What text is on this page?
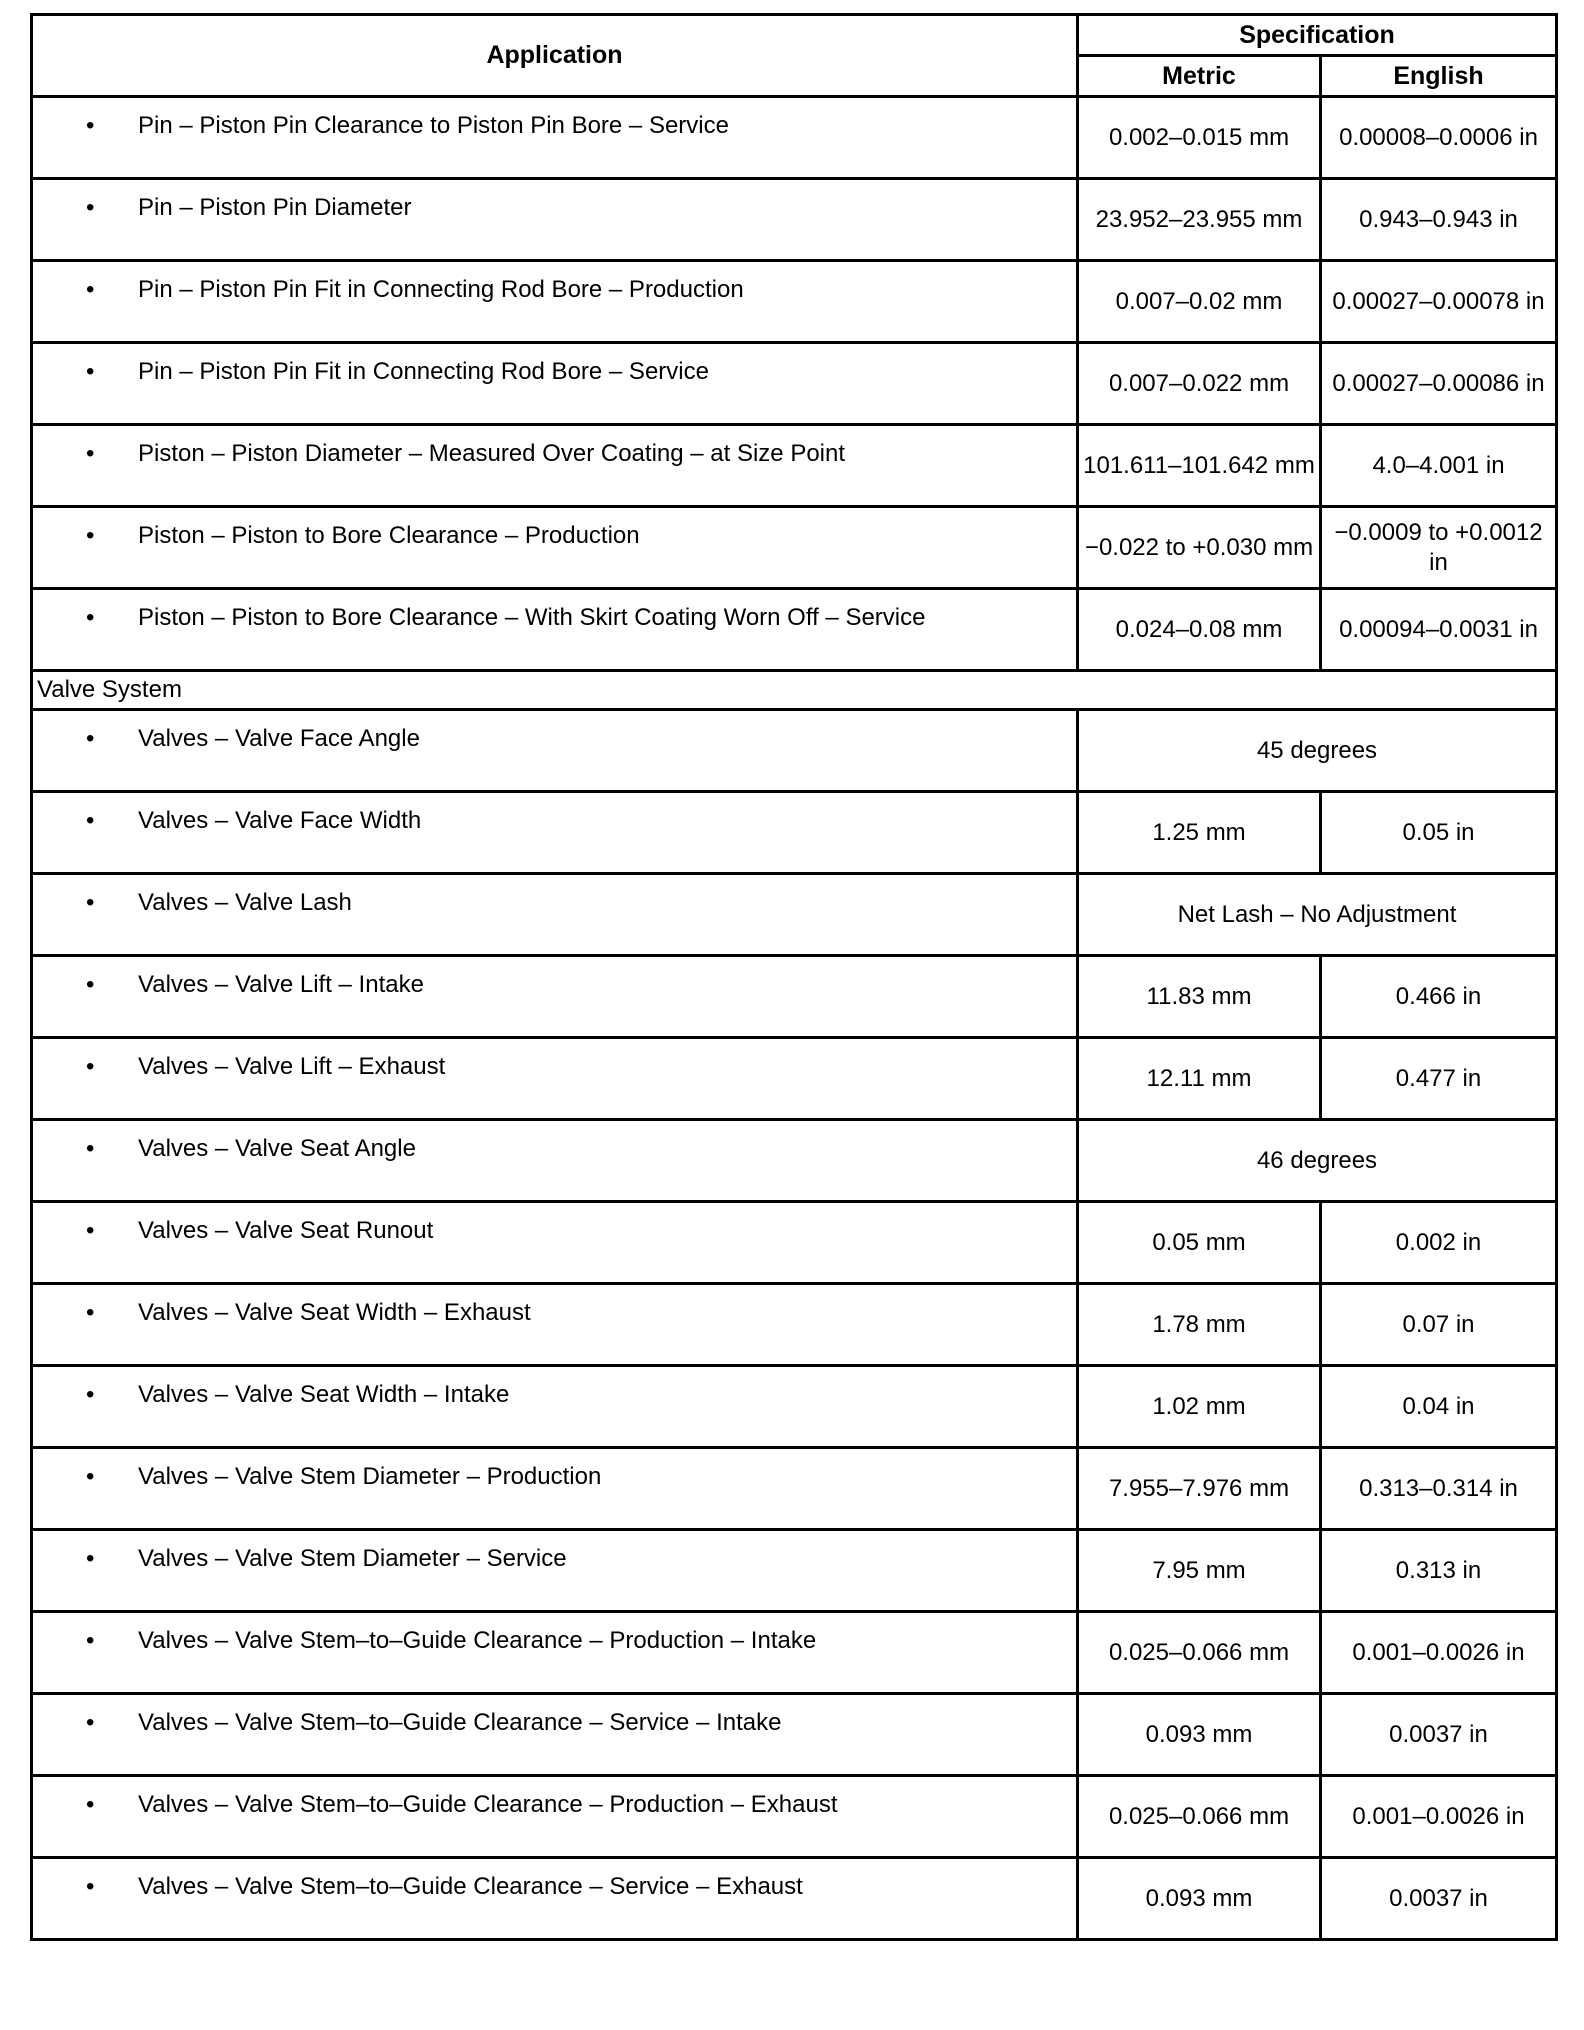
Application	Specification	
	Metric	English

• Pin – Piston Pin Clearance to Piston Pin Bore – Service	0.002–0.015 mm	0.00008–0.0006 in

• Pin – Piston Pin Diameter	23.952–23.955 mm	0.943–0.943 in

• Pin – Piston Pin Fit in Connecting Rod Bore – Production	0.007–0.02 mm	0.00027–0.00078 in

• Pin – Piston Pin Fit in Connecting Rod Bore – Service	0.007–0.022 mm	0.00027–0.00086 in

• Piston – Piston Diameter – Measured Over Coating – at Size Point	101.611–101.642 mm	4.0–4.001 in

• Piston – Piston to Bore Clearance – Production	−0.022 to +0.030 mm	−0.0009 to +0.0012 in

• Piston – Piston to Bore Clearance – With Skirt Coating Worn Off – Service	0.024–0.08 mm	0.00094–0.0031 in
Valve System		

• Valves – Valve Face Angle	45 degrees	

• Valves – Valve Face Width	1.25 mm	0.05 in

• Valves – Valve Lash	Net Lash – No Adjustment	

• Valves – Valve Lift – Intake	11.83 mm	0.466 in

• Valves – Valve Lift – Exhaust	12.11 mm	0.477 in

• Valves – Valve Seat Angle	46 degrees	

• Valves – Valve Seat Runout	0.05 mm	0.002 in

• Valves – Valve Seat Width – Exhaust	1.78 mm	0.07 in

• Valves – Valve Seat Width – Intake	1.02 mm	0.04 in

• Valves – Valve Stem Diameter – Production	7.955–7.976 mm	0.313–0.314 in

• Valves – Valve Stem Diameter – Service	7.95 mm	0.313 in

• Valves – Valve Stem–to–Guide Clearance – Production – Intake	0.025–0.066 mm	0.001–0.0026 in

• Valves – Valve Stem–to–Guide Clearance – Service – Intake	0.093 mm	0.0037 in

• Valves – Valve Stem–to–Guide Clearance – Production – Exhaust	0.025–0.066 mm	0.001–0.0026 in

• Valves – Valve Stem–to–Guide Clearance – Service – Exhaust	0.093 mm	0.0037 in
